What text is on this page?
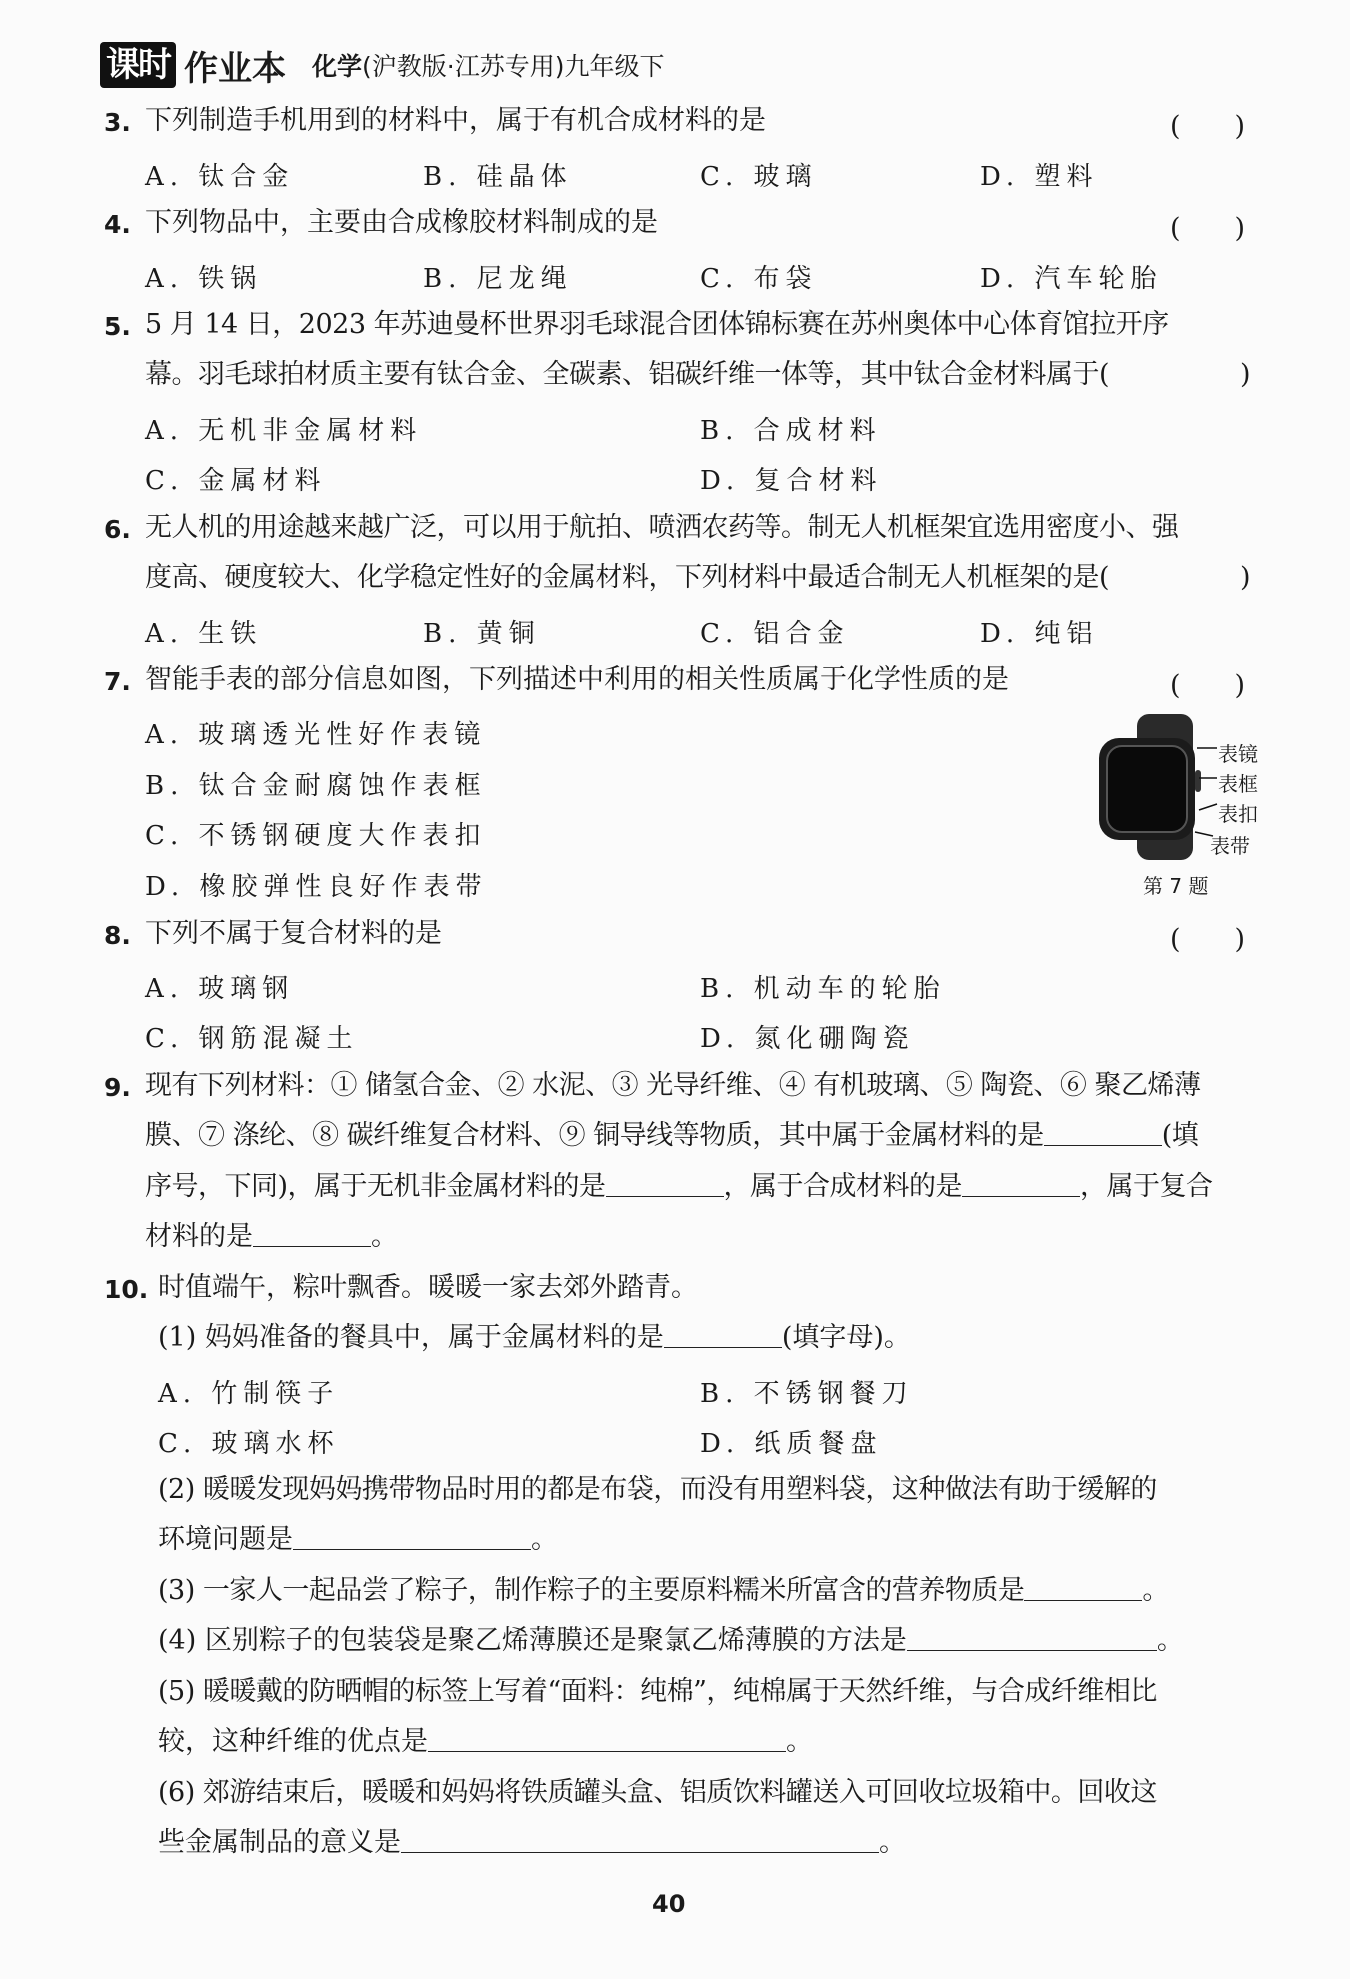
课时 作业本 化学(沪教版·江苏专用)九年级下
3. 下列制造手机用到的材料中，属于有机合成材料的是	(　　)
A. 钛合金	B. 硅晶体	C. 玻璃	D. 塑料
4. 下列物品中，主要由合成橡胶材料制成的是	(　　)
A. 铁锅	B. 尼龙绳	C. 布袋	D. 汽车轮胎
5. 5 月 14 日，2023 年苏迪曼杯世界羽毛球混合团体锦标赛在苏州奥体中心体育馆拉开序
幕。羽毛球拍材质主要有钛合金、全碳素、铝碳纤维一体等，其中钛合金材料属于(	)
A. 无机非金属材料	B. 合成材料
C. 金属材料	D. 复合材料
6. 无人机的用途越来越广泛，可以用于航拍、喷洒农药等。制无人机框架宜选用密度小、强
度高、硬度较大、化学稳定性好的金属材料，下列材料中最适合制无人机框架的是(	)
A. 生铁	B. 黄铜	C. 铝合金	D. 纯铝
7. 智能手表的部分信息如图，下列描述中利用的相关性质属于化学性质的是	(　　)
A. 玻璃透光性好作表镜
B. 钛合金耐腐蚀作表框
C. 不锈钢硬度大作表扣
D. 橡胶弹性良好作表带
表镜
表框
表扣
表带
第 7 题
8. 下列不属于复合材料的是	(　　)
A. 玻璃钢	B. 机动车的轮胎
C. 钢筋混凝土	D. 氮化硼陶瓷
9. 现有下列材料：① 储氢合金、② 水泥、③ 光导纤维、④ 有机玻璃、⑤ 陶瓷、⑥ 聚乙烯薄
膜、⑦ 涤纶、⑧ 碳纤维复合材料、⑨ 铜导线等物质，其中属于金属材料的是	(填
序号，下同)，属于无机非金属材料的是	，属于合成材料的是	，属于复合
材料的是	。
10. 时值端午，粽叶飘香。暖暖一家去郊外踏青。
(1) 妈妈准备的餐具中，属于金属材料的是	(填字母)。
A. 竹制筷子	B. 不锈钢餐刀
C. 玻璃水杯	D. 纸质餐盘
(2) 暖暖发现妈妈携带物品时用的都是布袋，而没有用塑料袋，这种做法有助于缓解的
环境问题是	。
(3) 一家人一起品尝了粽子，制作粽子的主要原料糯米所富含的营养物质是	。
(4) 区别粽子的包装袋是聚乙烯薄膜还是聚氯乙烯薄膜的方法是	。
(5) 暖暖戴的防晒帽的标签上写着“面料：纯棉”，纯棉属于天然纤维，与合成纤维相比
较，这种纤维的优点是	。
(6) 郊游结束后，暖暖和妈妈将铁质罐头盒、铝质饮料罐送入可回收垃圾箱中。回收这
些金属制品的意义是	。
40
